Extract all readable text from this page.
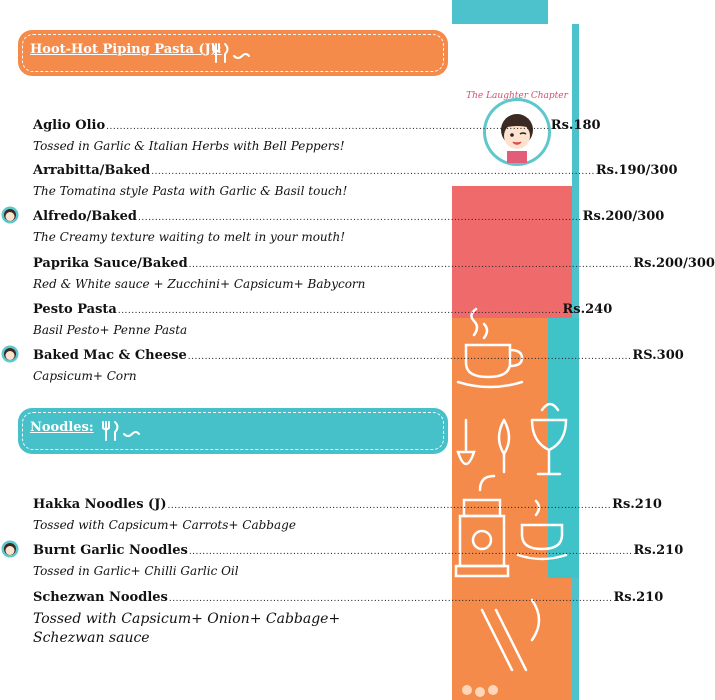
The Laughter Chapter
Hoot-Hot Piping Pasta (J):
Aglio Olio .................................................................................................................................... Rs.180
Tossed in Garlic & Italian Herbs with Bell Peppers!
Arrabitta/Baked .................................................................................................................................... Rs.190/300
The Tomatina style Pasta with Garlic & Basil touch!
Alfredo/Baked .................................................................................................................................... Rs.200/300
The Creamy texture waiting to melt in your mouth!
Paprika Sauce/Baked .................................................................................................................................... Rs.200/300
Red & White sauce + Zucchini+ Capsicum+ Babycorn
Pesto Pasta .................................................................................................................................... Rs.240
Basil Pesto+ Penne Pasta
Baked Mac & Cheese .................................................................................................................................... RS.300
Capsicum+ Corn
Noodles:
Hakka Noodles (J) .................................................................................................................................... Rs.210
Tossed with Capsicum+ Carrots+ Cabbage
Burnt Garlic Noodles .................................................................................................................................... Rs.210
Tossed in Garlic+ Chilli Garlic Oil
Schezwan Noodles .................................................................................................................................... Rs.210
Tossed with Capsicum+ Onion+ Cabbage+
Schezwan sauce
